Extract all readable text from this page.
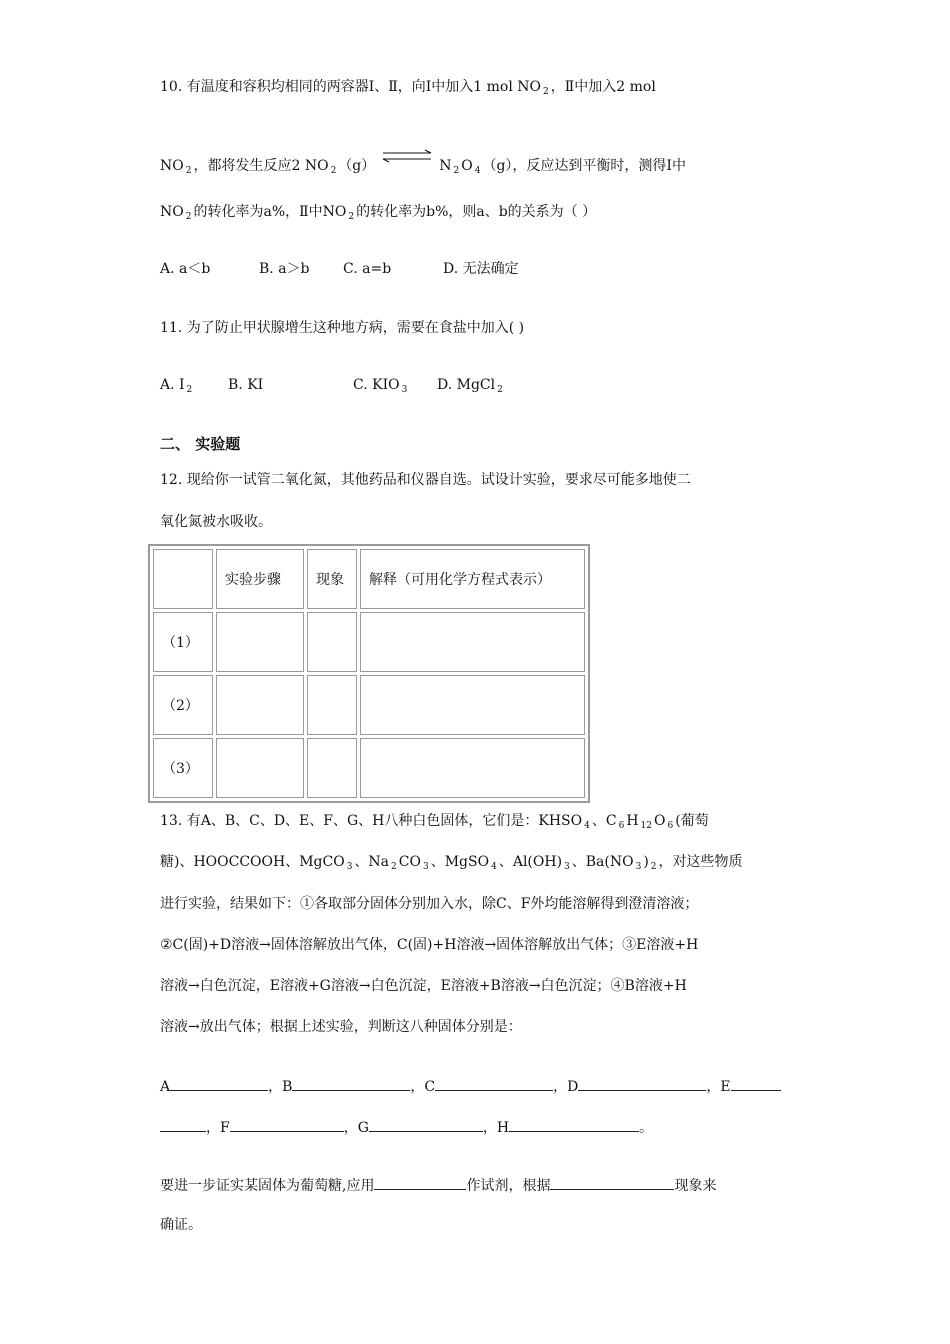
10. 有温度和容积均相同的两容器Ⅰ、Ⅱ，向Ⅰ中加入1 mol NO $_2$ ，Ⅱ中加入2 mol
NO $_2$ ，都将发生反应2 NO $_2$ （g）	N $_2$ O $_4$ （g），反应达到平衡时，测得Ⅰ中
NO $_2$ 的转化率为a%，Ⅱ中NO $_2$ 的转化率为b%，则a、b的关系为（ ）
A. a＜b	B. a＞b C. a=b	D. 无法确定
11. 为了防止甲状腺增生这种地方病，需要在食盐中加入( )
A. I $_2$	B. KI	C. KIO $_3$ D. MgCl $_2$
二、 实验题
12. 现给你一试管二氧化氮，其他药品和仪器自选。试设计实验，要求尽可能多地使二
氧化氮被水吸收。
	实验步骤	现象	解释（可用化学方程式表示）
（1）			
（2）			
（3）			
13. 有A、B、C、D、E、F、G、H八种白色固体，它们是：KHSO $_4$ 、C $_6$ H $_{12}$ O $_6$ (葡萄
糖)、HOOCCOOH、MgCO $_3$ 、Na $_2$ CO $_3$ 、MgSO $_4$ 、Al(OH) $_3$ 、Ba(NO $_3$ ) $_2$ ，对这些物质
进行实验，结果如下：①各取部分固体分别加入水，除C、F外均能溶解得到澄清溶液；
②C(固)+D溶液→固体溶解放出气体，C(固)+H溶液→固体溶解放出气体；③E溶液+H
溶液→白色沉淀，E溶液+G溶液→白色沉淀，E溶液+B溶液→白色沉淀；④B溶液+H
溶液→放出气体；根据上述实验，判断这八种固体分别是：
A	，B	，C	，D	，E
，F	，G	，H	。
要进一步证实某固体为葡萄糖,应用	作试剂，根据	现象来
确证。
